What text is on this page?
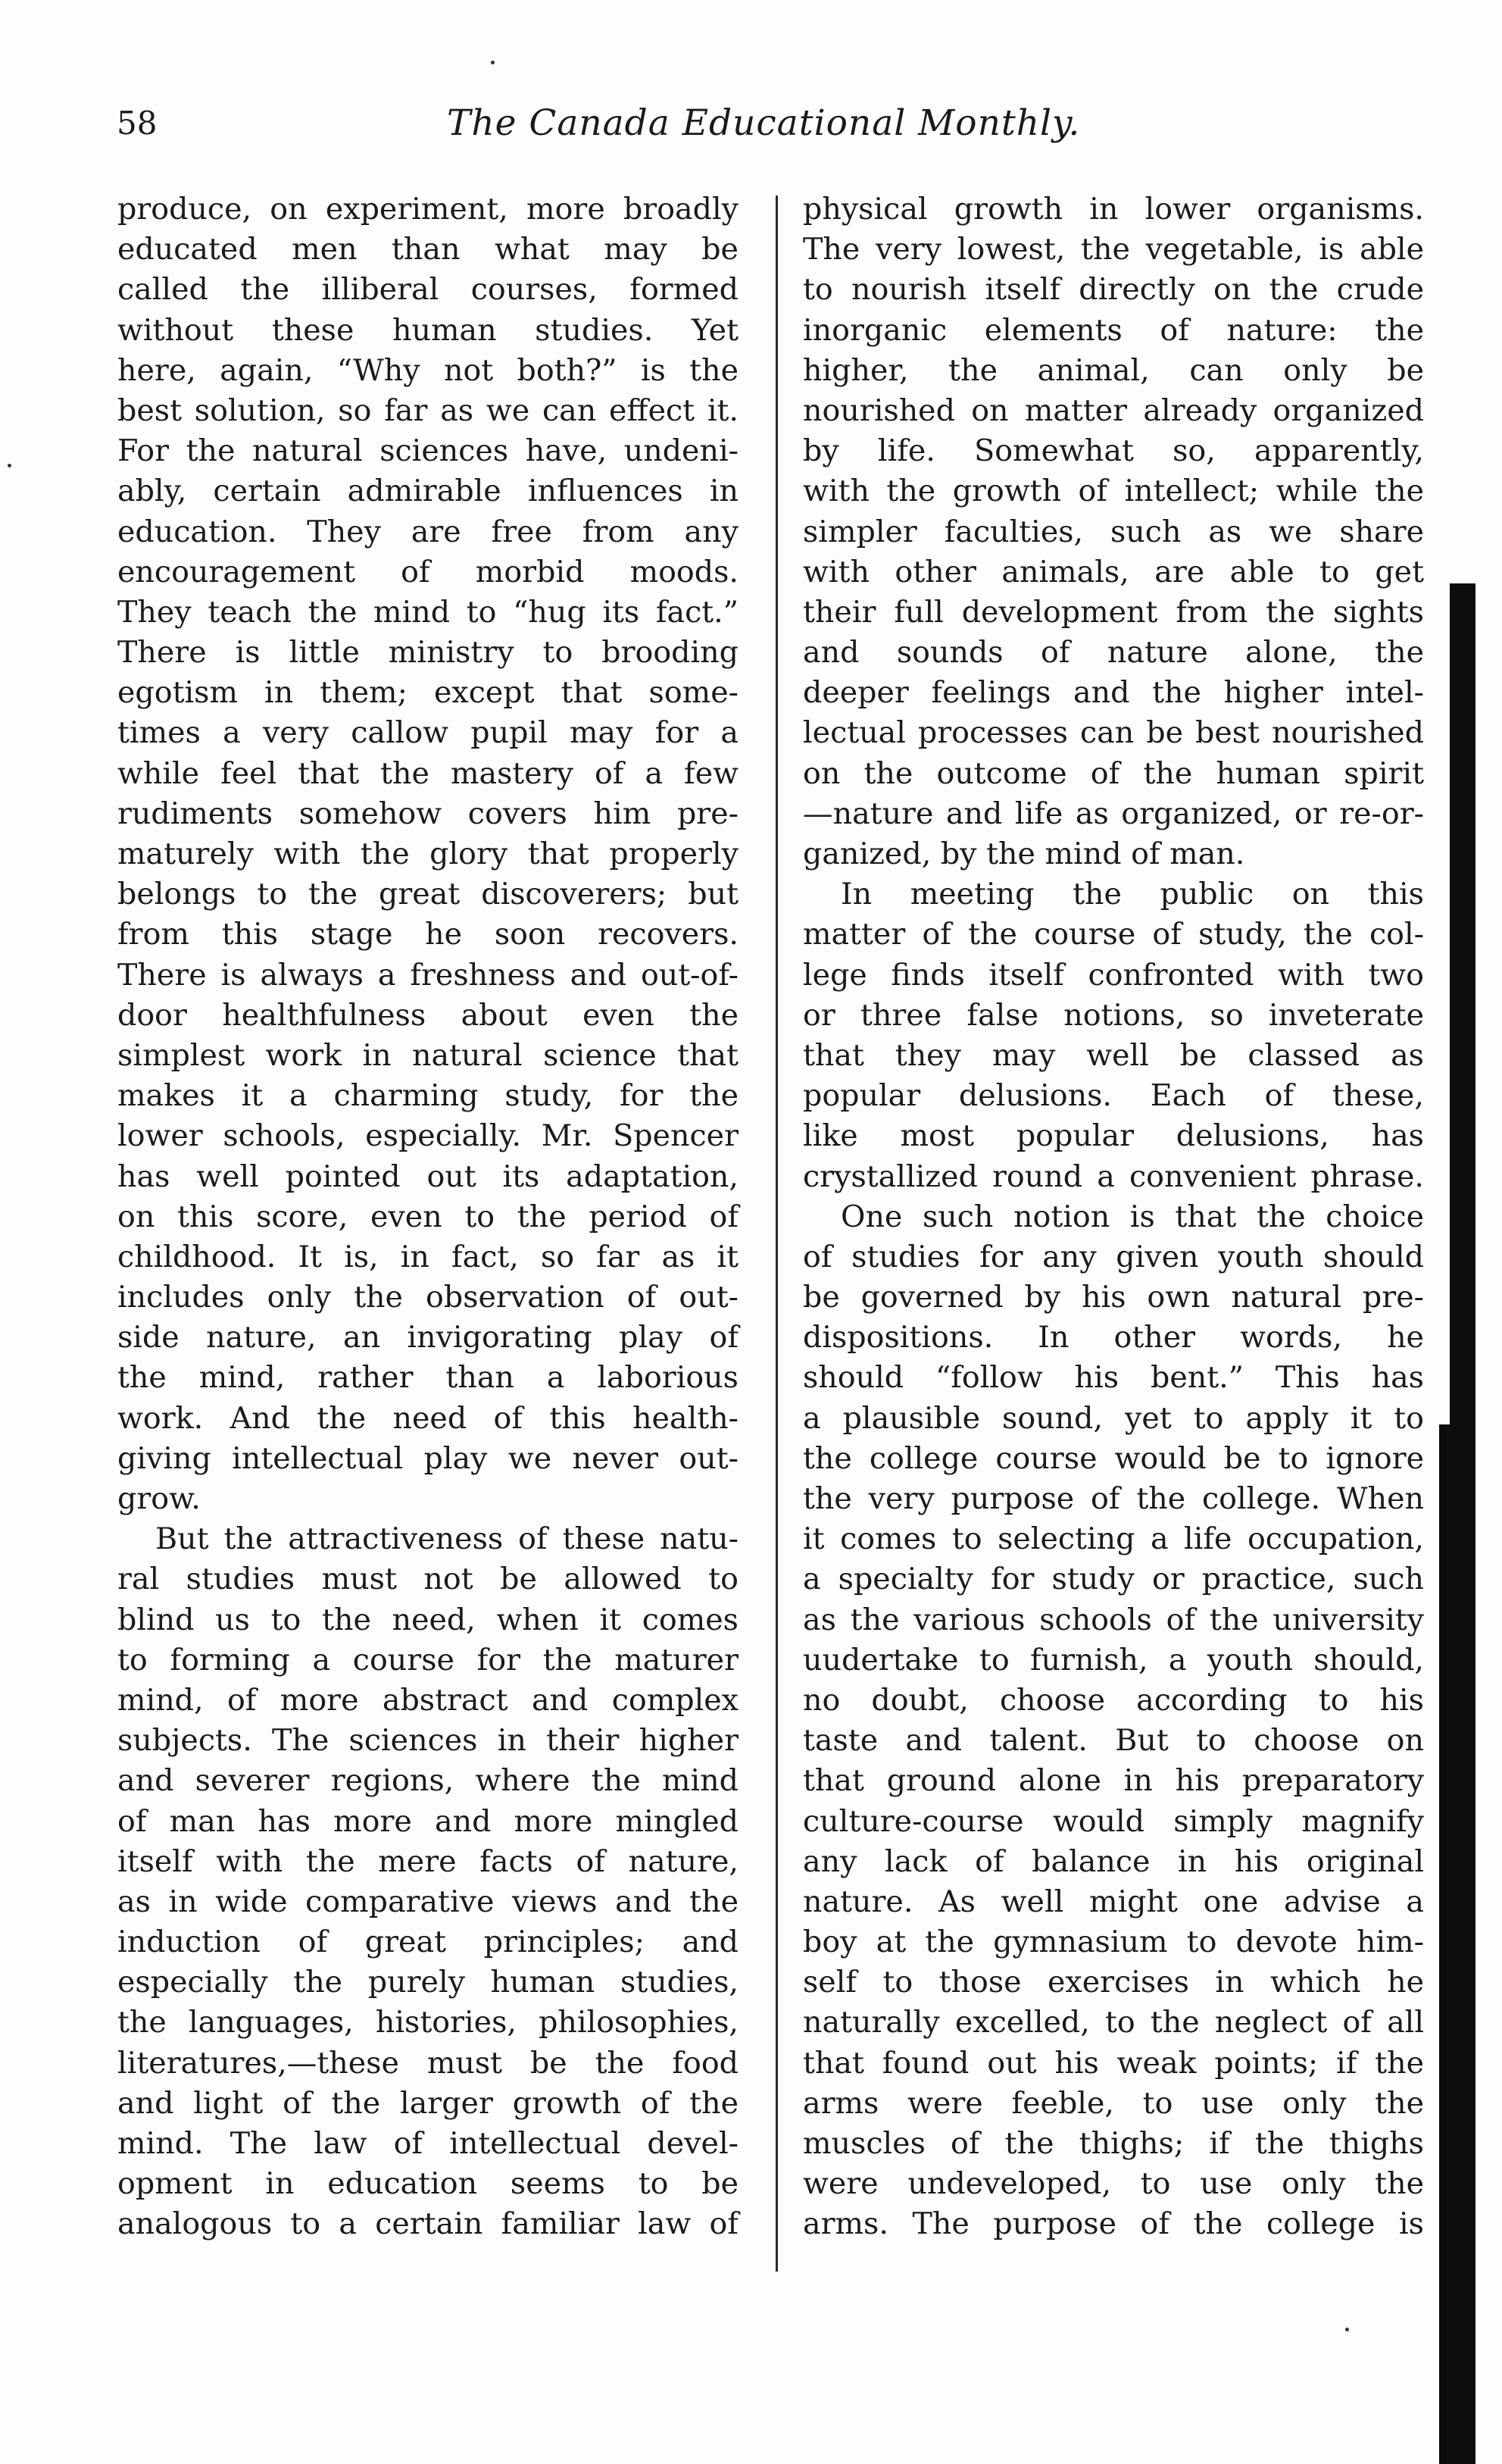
58	The Canada Educational Monthly.
produce, on experiment, more broadly
educated men than what may be
called the illiberal courses, formed
without these human studies. Yet
here, again, “Why not both?” is the
best solution, so far as we can effect it.
For the natural sciences have, undeni-
ably, certain admirable influences in
education. They are free from any
encouragement of morbid moods.
They teach the mind to “hug its fact.”
There is little ministry to brooding
egotism in them; except that some-
times a very callow pupil may for a
while feel that the mastery of a few
rudiments somehow covers him pre-
maturely with the glory that properly
belongs to the great discoverers; but
from this stage he soon recovers.
There is always a freshness and out-of-
door healthfulness about even the
simplest work in natural science that
makes it a charming study, for the
lower schools, especially. Mr. Spencer
has well pointed out its adaptation,
on this score, even to the period of
childhood. It is, in fact, so far as it
includes only the observation of out-
side nature, an invigorating play of
the mind, rather than a laborious
work. And the need of this health-
giving intellectual play we never out-
grow.
But the attractiveness of these natu-
ral studies must not be allowed to
blind us to the need, when it comes
to forming a course for the maturer
mind, of more abstract and complex
subjects. The sciences in their higher
and severer regions, where the mind
of man has more and more mingled
itself with the mere facts of nature,
as in wide comparative views and the
induction of great principles; and
especially the purely human studies,
the languages, histories, philosophies,
literatures,—these must be the food
and light of the larger growth of the
mind. The law of intellectual devel-
opment in education seems to be
analogous to a certain familiar law of
physical growth in lower organisms.
The very lowest, the vegetable, is able
to nourish itself directly on the crude
inorganic elements of nature: the
higher, the animal, can only be
nourished on matter already organized
by life. Somewhat so, apparently,
with the growth of intellect; while the
simpler faculties, such as we share
with other animals, are able to get
their full development from the sights
and sounds of nature alone, the
deeper feelings and the higher intel-
lectual processes can be best nourished
on the outcome of the human spirit
—nature and life as organized, or re-or-
ganized, by the mind of man.
In meeting the public on this
matter of the course of study, the col-
lege finds itself confronted with two
or three false notions, so inveterate
that they may well be classed as
popular delusions. Each of these,
like most popular delusions, has
crystallized round a convenient phrase.
One such notion is that the choice
of studies for any given youth should
be governed by his own natural pre-
dispositions. In other words, he
should “follow his bent.” This has
a plausible sound, yet to apply it to
the college course would be to ignore
the very purpose of the college. When
it comes to selecting a life occupation,
a specialty for study or practice, such
as the various schools of the university
uudertake to furnish, a youth should,
no doubt, choose according to his
taste and talent. But to choose on
that ground alone in his preparatory
culture-course would simply magnify
any lack of balance in his original
nature. As well might one advise a
boy at the gymnasium to devote him-
self to those exercises in which he
naturally excelled, to the neglect of all
that found out his weak points; if the
arms were feeble, to use only the
muscles of the thighs; if the thighs
were undeveloped, to use only the
arms. The purpose of the college is
